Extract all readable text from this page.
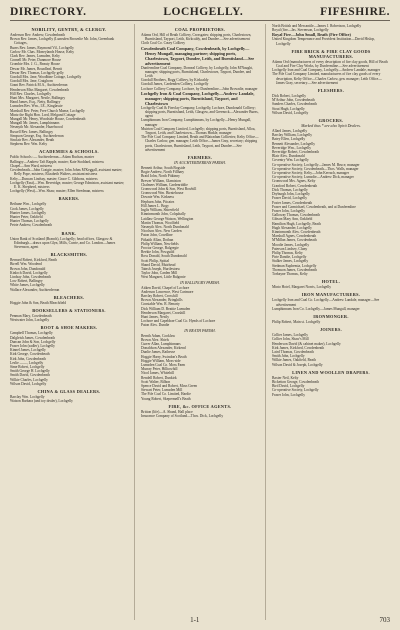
DIRECTORY.	LOCHGELLY.	FIFESHIRE.
NOBILITY, GENTRY, & CLERGY.

Anderson Rev. Andrew, Cowdenbeath

Brown Rev. James, Lochgelly (Lumsden Brownlie Mr. John, Greenbank Cottages,

Burns Rev. James, Raymond Vil., Lochgelly

Carlow Mr. Chas. Moneylands House, Kelty

Clark Rev. James, Lumsden, Kelty

Connell Mr. Peter, Dunmore House

Crombie Mrs. J. G., Beauty House

Dewar Mr. James, Broadleaf, Benrit

Dewar Rev. Thomas, Lochgelly gelly

Goodall Mrs. Jane, Woodbine Cottage, Lochgelly

Goodall Mrs. Jane, Craighorn

Grant Rev. Patrick M.A., Auchterderran

Henderson Miss Margaret, Cowdenbeath

Hill Rev. Charles, Lochgelly

Hunt Mrs. Margaret, Nestle, Ballingry

Hand James, Esq., Netty, Ballingry

Lumsden Rev. Wm., I.E., Kinglassie

Marshall Rev. Peter, Free Church Manse, Lochgelly

Mintz the Right Hon. Lord, Melgund Cottage

Mungall Mr. Henry, Woodside House, Cowdenbeath

Mungall Mr. James, Lumphinnans

Nesmyth Mr. Alexander, Hazelwood

Russell Rev. James, Ballingry

Simpson George, Esq. Auchterderran

Sinclair Rev. Alexander, Beath

Stephens Rev. Wm. Kelty

ACADEMIES & SCHOOLS.

Public Schools :— Auchterderran—Adam Buchan, master

Ballingry—Andrew Taft Rapple, master; Kate Stoddard, mistress

Chapel—Ann Ward, mistress

Cowdenbeath—John Craigie, master; John Johns M'Keggall, assistant master; Relly Pope, mistress; Elizabeth Walters, assistant mistress

Kelty—Duncan Lindsay, master; Grace C. Gibbons, mistress

Lochgelly (East)—Wm. Beveridge, master; George Edmiston, assistant master; E. K. Shepherd, mistress

Lochgelly (West)—Wm. Shaw, master; Ellen Steedman, mistress

BAKERS.

Bethune Wm., Lochgelly

Cook James, Lochgelly

Hunter James, Lochgelly

Hunter Peter, Oakfield

Hunter Thomas, Lochgelly

Petrie Andrew, Cowdenbeath

BANK.

Union Bank of Scotland (Branch), Lochgelly; head offices, Glasgow & Edinburgh—draws upon Glyn, Mills, Currie, and Co. London—James Stevenson, agent

BLACKSMITHS.

Bernard Robert, Kirkford, Beath

Birrell Wm. Woodend

Brown John, Dundonald

Kinloch David, Lochgelly

Lindsay John, Cowdenbeath

Low Robert, Ballingry

White James, Lochgelly

Wallace Alexander, Auchterderran

BLEACHERS.

Hoggie John & Son, Beath Bleachfield

BOOKSELLERS & STATIONERS.

Penman Mary, Cowdenbeath

Westwater John, Lochgelly

BOOT & SHOE MAKERS.

Campbell Thomas, Lochgelly

Dalgleish James, Cowdenbeath

Duncan John & Son, Lochgelly

Fraser John (sadler), Lochgelly

Kinnel James, Lochgelly

Kirk George, Cowdenbeath

Kirk John, Cowdenbeath

Leslie ——, Lochgelly

Sime Robert, Lochgelly

Smith George H. Lochgelly

Smith David, Cowdenbeath

Wilkie Charles, Lochgelly

Wilson David, Lochgelly

CHINA & GLASS DEALERS.

Barclay Wm. Lochgelly

Watson Barbara (and toy dealer), Lochgelly

COAL PROPRIETORS.

Adams Ord, Hill of Beath Colliery, Crossgates; shipping ports, Charlestown, Burntisland, Tayport, Leith, Kirkcaldy, and Dundee.—See advertisement

Cloth Coal Co. Casey Colliery

Cowdenbeath Coal Company, Cowdenbeath, by Lochgelly—Henry Mungall, managing partner; shipping ports, Charlestown, Tayport, Dundee, Leith, and Burntisland.—See advertisement

Dunfermline Coal Company, Dorneal Colliery, by Lochgelly, John M'Naught, manager; shipping ports, Burntisland, Charlestown, Tayport, Dundee, and Leith

Goodall Brothers, Bogg Colliery, by Kirkcaldy

Goodall James, Cardenden Colliery, Lochgelly

Lochore Colliery Company, Lochore, by Dunfermline—John Brownlie, manager

Lochgelly Iron & Coal Company, Lochgelly—Andrew Landale, manager; shipping ports, Burntisland, Tayport, and Charlestown

Lochgelly Coal & Fireclay Company, Lochgelly, Lochore, Dundonald Colliery; shipping ports, Burntisland, Leith, Glasgow, and Greenock—Alexander Burns, agent

Lumphinnans Iron Company, Lumphinnans, by Lochgelly—Henry Mungall, manager

Muirton Coal Company Limited, Lochgelly; shipping ports, Burntisland, Alloa, Tayport, Leith, and Charlestown—Thomas Hinkle, manager

The Fife Coal Company Limited, Beath and Blairadam Collieries; Kelty Office—Charles Carlow, gen. manager; Leith Office—James Gray, secretary; shipping ports, Charlestown, Burntisland, Leith, Tayport, and Dundee.—See advertisement

FARMERS.
IN AUCHTERDERRAN PARISH.

Bennett Arthur, South Bogside

Bogie Andrew, North Fillhary

Braid John, North Pitkinny

Brewer William, Glamiston

Chalmers William, Cardenriddie

Cromwood John & Son, West Bowhill

Cromwood Wm. Birniehouse

Downie Wm. Kirkness

Hepburn John, Pitcairn

Hill James L. Bogy

Inglis William, Shirerfield

Kinninmonth John, Colquhally

Laidlaw George Watson, Wellington

Martin Thomas, Woolfield

Nasmyth Alex. North Dundonald

Nicolson Alex. New Carden

Paton John, Cowdline

Pitkaith Allan, Dothan

Philip William, Newfields

Proctor George, Balgregie

Reekie John, Powguild

Ross Donald, South Dundonald

Scott Philip, Spittal

Shand David, Muirhead

Tainsh Joseph, Hurtlestraw

Taylor John, Carden Mill

West Margaret, Little Balgonie

IN BALLINGRY PARISH.

Aitken David, Chapel of Lochore

Anderson Lawrence, West Cartmore

Barclay Robert, Crosshill

Brown Alexander, Bringhills

Constable Wm. R. Benarty

Dick William D. Beattie Lumsden

Henderson Margaret, Crosshill

Hunt James, Nestly

Lochore and Capeldrae Coal Co. Hynds of Lochore

Paton Alex. Dundie

IN BEATH PARISH.

Bernth Adam, Cooklaw

Brown Alex. Shiels

Currer Allan, Lumphinnans

Donaldson Alexander, Kirkend

Dunlie James, Rathesse

Hoggie Harry, Swindon's Beath

Hoggie William, Moss-side

Lumsden Coal Co. Moss Farm

Murray Peter, Hilltowhill

Nicol James, Whitehill

Rendell Robert, Dunkirk

Scott Walter, Bilbon

Spence David and Robert, Moss Green

Stewart Peter, Lumsden Mill

The Fife Coal Co. Limited, Hardie

Young Robert, Skepermell's Beath

FIRE, &c. OFFICE AGENTS.

Britton (life)—A. Shand, Hall place

Insurance Company of Scotland—Thos. Dick, Lochgelly

North British and Mercantile—James J. Robertson, Lochgelly

Royal (fire—Jas. Stevenson, Lochgelly

Royal Fire—John Small, Beath (Fire Office)

United Kingdom Temperance and Provident Institution—David Hislop, Lochgelly

FIRE BRICK & FIRE CLAY GOODS MANUFACTURERS.

Adams Ord (manufacturers of every description of fire clay goods, Hill of Beath Coal and Fire Clay Works, by Dunfermline.—See advertisement

Lochgelly Iron and Coal Company, Lochgelly—Andrew Landale, manager

The Fife Coal Company Limited, manufacturers of fire clay goods of every description, Kelty Office—Charles Carlow, gen. manager; Leith Office—James Gray, secretary.—See advertisement

FLESHERS.

Dick Robert, Lochgelly

M'Arthur John, Cowdenbeath

Sanders Charles, Cowdenbeath

Stout Hugh, Lochgelly

Wilson David, Lochgelly

GROCERS.
Marked thus * are also Spirit Dealers.

Allard James, Lochgelly

Barclay William, Lochgelly

Batey Ellen, Lochgelly

Bennett Alexander, Lochgelly

Beveridge Wm., Lochgelly

Beveridge Robert, Cowdenbeath

Blair Alex. Dundonald

Coventry Wm. Lochgelly

Co-operative Society, Lochgelly—James M. Bruce, manager

Co-operative Society, Cowdenbeath—Thos. Walls, manager

Co-operative Society, Kelty—John Kerrach, manager

Co-operative Society, Lumsdie—Andrew Dick, manager

Cromwood Mrs. Agnes, Kelty

Cranford Robert, Cowdenbeath

Dick Thomas, Lochgelly

Dryburgh John, Lochgelly

Fraser David, Lochgelly

Foster James, Cowdenbeath

Fraser and Carmichael, Cowdenbeath, and at Dunfermline

Fraser John, Lochgelly

Galloway Thomas, Cowdenbeath

Gibson Mary Ann, Oakfield

Hamilton Hugh, Lochgelly, Beath

Hugh Alexander, Lochgelly

Kinninmonth Alex. Cowdenbeath

Marshall Agnes, Cowdenbeath

M'Millan James, Cowdenbeath

Moodie James, Lochgelly

Paterson Lindsey, Cluny

Philip Thomas, Kelty

Pirie Dandie, Lochgelly

Stalker James, Lochgelly

Stedman Euphemia, Lochgelly

Thomson James, Cowdenbeath

Torbayne Thomas, Kelty

HOTEL.

Minto Hotel, Margaret Norris, Lochgelly

IRON MANUFACTURERS.

Lochgelly Iron and Coal Co. Lochgelly—Andrew Landale, manager—See advertisement

Lumphinnans Iron Co. Lochgelly—James Mungall, manager

IRONMONGER.

Philip Robert, Main st. Lochgelly

JOINERS.

Collier James, Lochgelly

Collier John, Shaw's Mill

Henderson David (& cabinet maker), Lochgelly

Kirk James, Kirkford, Cowdenbeath

Laird Thomas, Cowdenbeath

Smith John, Lochgelly

Wilkie James, Oakfield, Beath

Wilson David & Joseph, Lochgelly

LINEN AND WOOLLEN DRAPERS.

Baxter Neil, Kelty

Bicketton George, Cowdenbeath

Bird David, Lochgelly

Co-operative Society, Lochgelly

Fraser John, Lochgelly

1-1	703
